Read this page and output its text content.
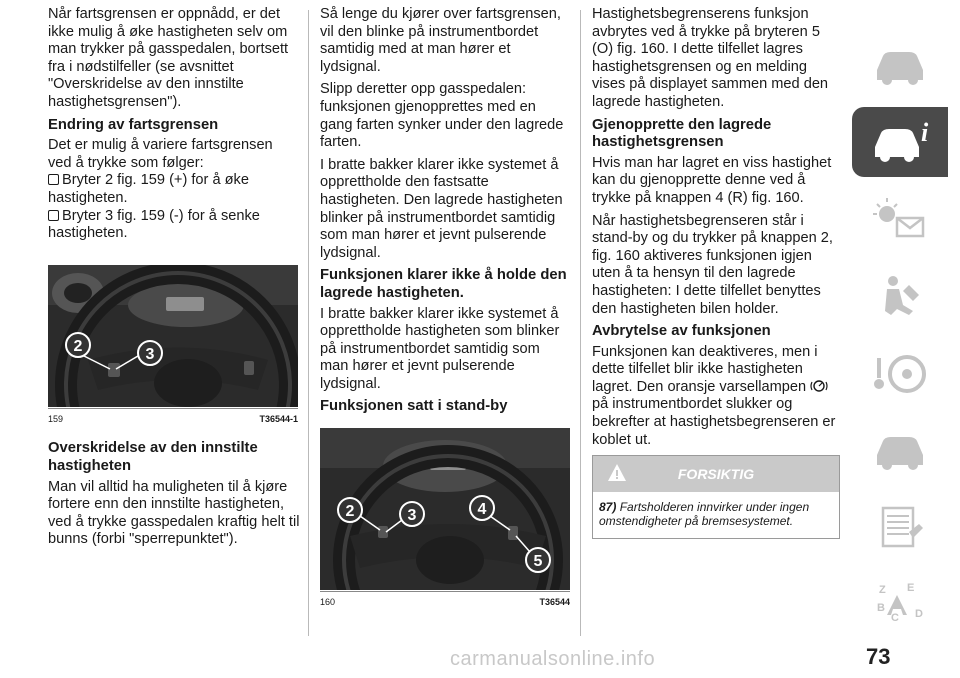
Når fartsgrensen er oppnådd, er det ikke mulig å øke hastigheten selv om man trykker på gasspedalen, bortsett fra i nødstilfeller (se avsnittet "Overskridelse av den innstilte hastighetsgrensen").

Endring av fartsgrensen

Det er mulig å variere fartsgrensen ved å trykke som følger:

Bryter 2 fig. 159 (+) for å øke hastigheten.

Bryter 3 fig. 159 (-) for å senke hastigheten.

2	3
159	T36544-1
Overskridelse av den innstilte hastigheten

Man vil alltid ha muligheten til å kjøre fortere enn den innstilte hastigheten, ved å trykke gasspedalen kraftig helt til bunns (forbi "sperrepunktet").

Så lenge du kjører over fartsgrensen, vil den blinke på instrumentbordet samtidig med at man hører et lydsignal.

Slipp deretter opp gasspedalen: funksjonen gjenopprettes med en gang farten synker under den lagrede farten.

I bratte bakker klarer ikke systemet å opprettholde den fastsatte hastigheten. Den lagrede hastigheten blinker på instrumentbordet samtidig som man hører et jevnt pulserende lydsignal.

Funksjonen klarer ikke å holde den lagrede hastigheten.

I bratte bakker klarer ikke systemet å opprettholde hastigheten som blinker på instrumentbordet samtidig som man hører et jevnt pulserende lydsignal.

Funksjonen satt i stand-by
2	3	4
5
160	T36544

Hastighetsbegrenserens funksjon avbrytes ved å trykke på bryteren 5 (O) fig. 160. I dette tilfellet lagres hastighetsgrensen og en melding vises på displayet sammen med den lagrede hastigheten.

Gjenopprette den lagrede hastighetsgrensen

Hvis man har lagret en viss hastighet kan du gjenopprette denne ved å trykke på knappen 4 (R) fig. 160.

Når hastighetsbegrenseren står i stand-by og du trykker på knappen 2, fig. 160 aktiveres funksjonen igjen uten å ta hensyn til den lagrede hastigheten: I dette tilfellet benyttes den hastigheten bilen holder.

Avbrytelse av funksjonen

Funksjonen kan deaktiveres, men i dette tilfellet blir ikke hastigheten lagret. Den oransje varsellampen  på instrumentbordet slukker og bekrefter at hastighetsbegrenseren er koblet ut.

FORSIKTIG
87) Fartsholderen innvirker under ingen omstendigheter på bremsesystemet.
i
Z E
B
C D
73
carmanualsonline.info
